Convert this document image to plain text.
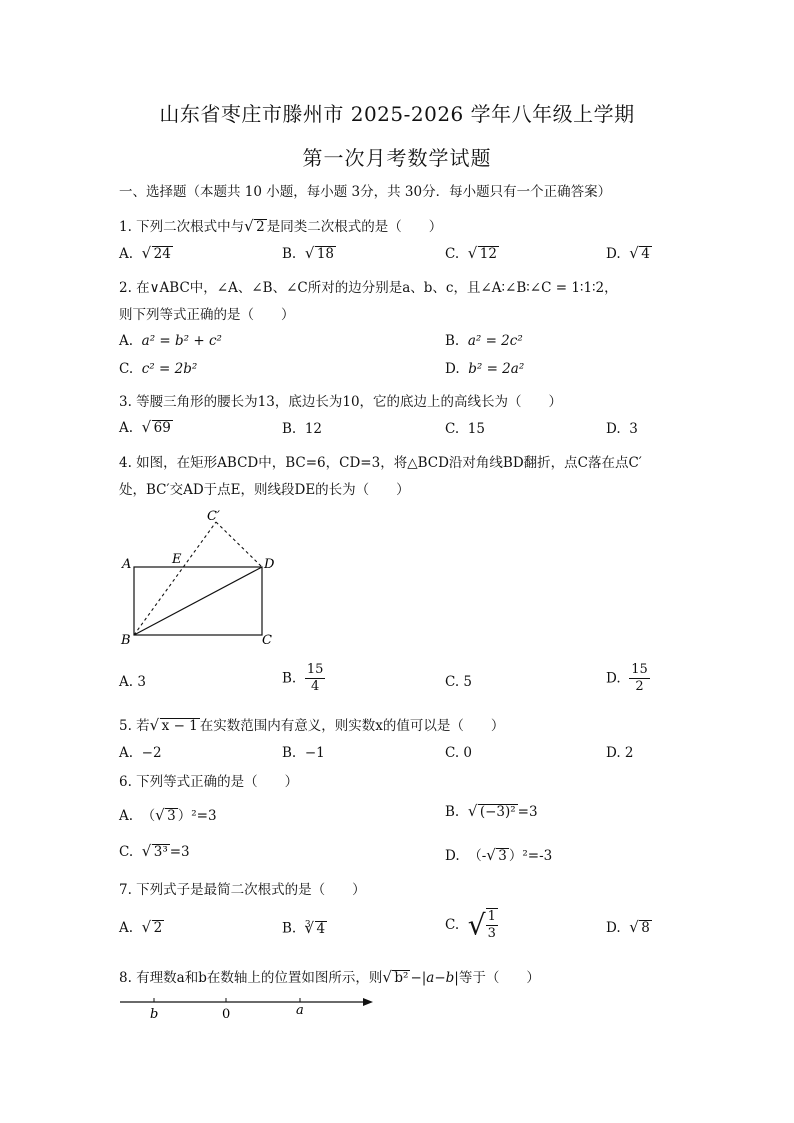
山东省枣庄市滕州市 2025-2026 学年八年级上学期
第一次月考数学试题
一、选择题（本题共 10 小题，每小题 3分，共 30分．每小题只有一个正确答案）
1. 下列二次根式中与 √ 2 是同类二次根式的是（　　）
A. √ 24	B. √ 18	C. √ 12	D. √ 4
2. 在∨ABC中，∠A、∠B、∠C所对的边分别是a、b、c，且∠A∶∠B∶∠C = 1∶1∶2，
则下列等式正确的是（　　）
A. a² = b² + c²	B. a² = 2c²
C. c² = 2b²	D. b² = 2a²
3. 等腰三角形的腰长为13，底边长为10，它的底边上的高线长为（　　）
A. √ 69	B. 12	C. 15	D. 3
4. 如图，在矩形ABCD中，BC=6，CD=3，将△BCD沿对角线BD翻折，点C落在点C′
处，BC′交AD于点E，则线段DE的长为（　　）
A
B	C
D
E
C′
A. 3	B. $\frac{15}{4}$	C. 5	D. $\frac{15}{2}$
5. 若 √ x − 1 在实数范围内有意义，则实数x的值可以是（　　）
A. −2	B. −1	C. 0	D. 2
6. 下列等式正确的是（　　）
A. （ √ 3 ）²=3	B. √ (−3)² =3
C. √ 3³ =3	D. （- √ 3 ）²=-3
7. 下列式子是最简二次根式的是（　　）
A. √ 2	B. $^3$ √ 4	C. √ $\frac{1}{3}$	D. √ 8
8. 有理数a和b在数轴上的位置如图所示，则 √ b² −|a−b|等于（　　）
b	0	a
